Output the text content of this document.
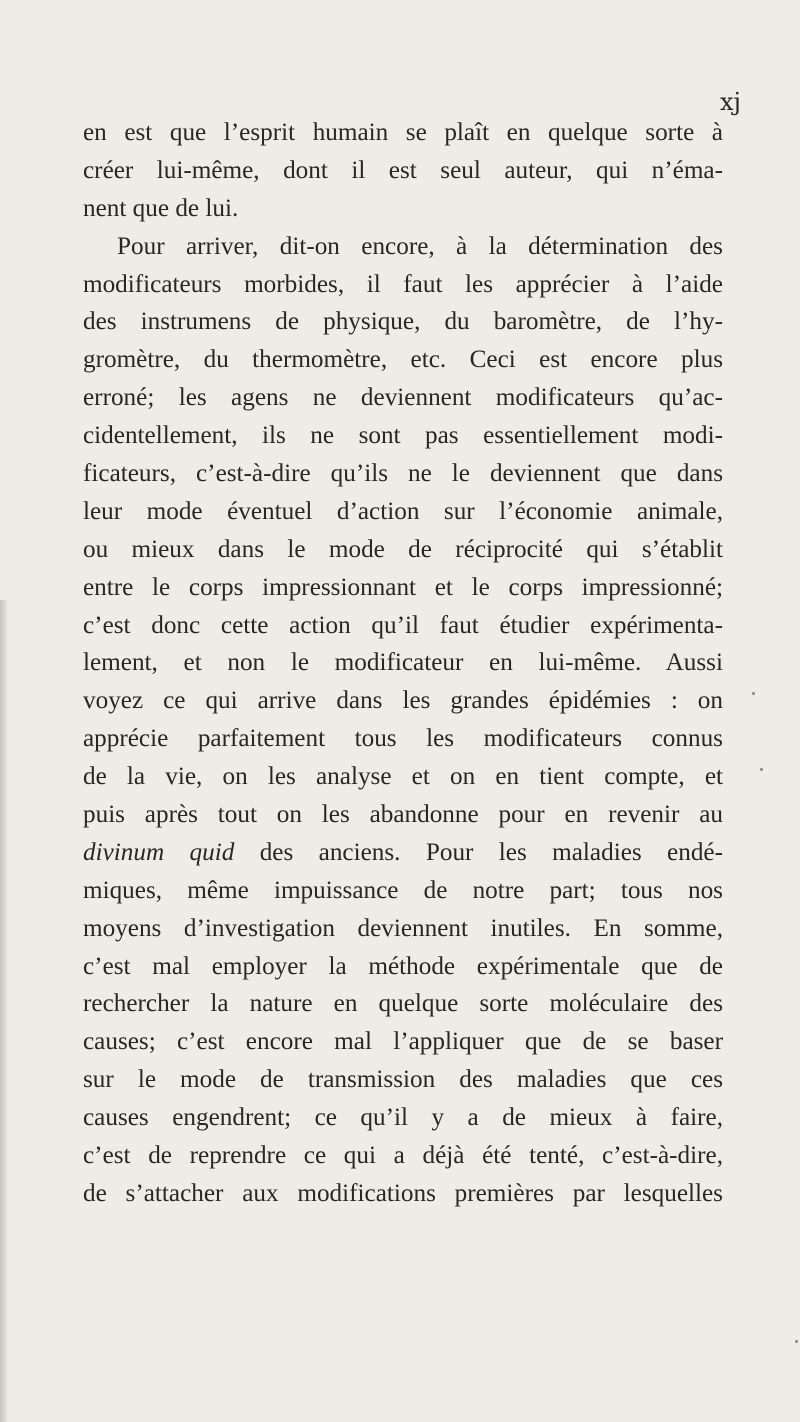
xj
en est que l’esprit humain se plaît en quelque sorte à
créer lui-même, dont il est seul auteur, qui n’éma-
nent que de lui.
Pour arriver, dit-on encore, à la détermination des
modificateurs morbides, il faut les apprécier à l’aide
des instrumens de physique, du baromètre, de l’hy-
gromètre, du thermomètre, etc. Ceci est encore plus
erroné; les agens ne deviennent modificateurs qu’ac-
cidentellement, ils ne sont pas essentiellement modi-
ficateurs, c’est-à-dire qu’ils ne le deviennent que dans
leur mode éventuel d’action sur l’économie animale,
ou mieux dans le mode de réciprocité qui s’établit
entre le corps impressionnant et le corps impressionné;
c’est donc cette action qu’il faut étudier expérimenta-
lement, et non le modificateur en lui-même. Aussi
voyez ce qui arrive dans les grandes épidémies : on
apprécie parfaitement tous les modificateurs connus
de la vie, on les analyse et on en tient compte, et
puis après tout on les abandonne pour en revenir au
divinum quid des anciens. Pour les maladies endé-
miques, même impuissance de notre part; tous nos
moyens d’investigation deviennent inutiles. En somme,
c’est mal employer la méthode expérimentale que de
rechercher la nature en quelque sorte moléculaire des
causes; c’est encore mal l’appliquer que de se baser
sur le mode de transmission des maladies que ces
causes engendrent; ce qu’il y a de mieux à faire,
c’est de reprendre ce qui a déjà été tenté, c’est-à-dire,
de s’attacher aux modifications premières par lesquelles
